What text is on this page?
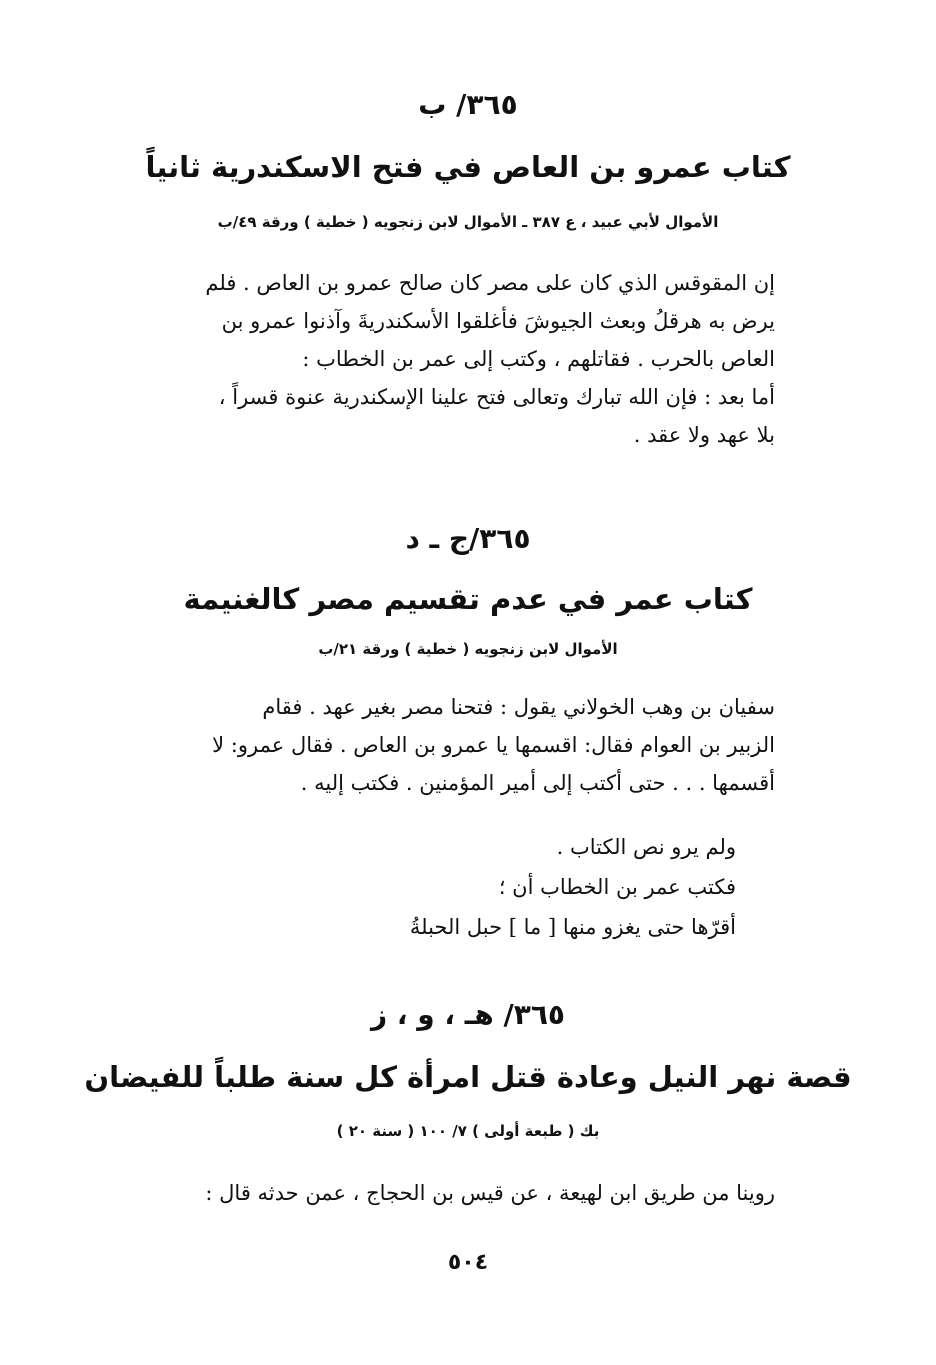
٣٦٥/ ب
كتاب عمرو بن العاص في فتح الاسكندرية ثانياً
الأموال لأبي عبيد ، ع ٣٨٧ ـ الأموال لابن زنجويه ( خطية ) ورقة ٤٩/ب
إن المقوقس الذي كان على مصر كان صالح عمرو بن العاص . فلم
يرض به هرقلُ وبعث الجيوشَ فأغلقوا الأسكندريةَ وآذنوا عمرو بن
العاص بالحرب . فقاتلهم ، وكتب إلى عمر بن الخطاب :
أما بعد : فإن الله تبارك وتعالى فتح علينا الإسكندرية عنوة قسراً ،
بلا عهد ولا عقد .
٣٦٥/ج ـ د
كتاب عمر في عدم تقسيم مصر كالغنيمة
الأموال لابن زنجويه ( خطية ) ورقة ٢١/ب
سفيان بن وهب الخولاني يقول : فتحنا مصر بغير عهد . فقام
الزبير بن العوام فقال: اقسمها يا عمرو بن العاص . فقال عمرو: لا
أقسمها . . . حتى أكتب إلى أمير المؤمنين . فكتب إليه .
ولم يرو نص الكتاب .
فكتب عمر بن الخطاب أن ؛
أقرّها حتى يغزو منها [ ما ] حبل الحبلةُ
٣٦٥/ هـ ، و ، ز
قصة نهر النيل وعادة قتل امرأة كل سنة طلباً للفيضان
بك ( طبعة أولى ) ٧/ ١٠٠ ( سنة ٢٠ )
روينا من طريق ابن لهيعة ، عن قيس بن الحجاج ، عمن حدثه قال :
٥٠٤
